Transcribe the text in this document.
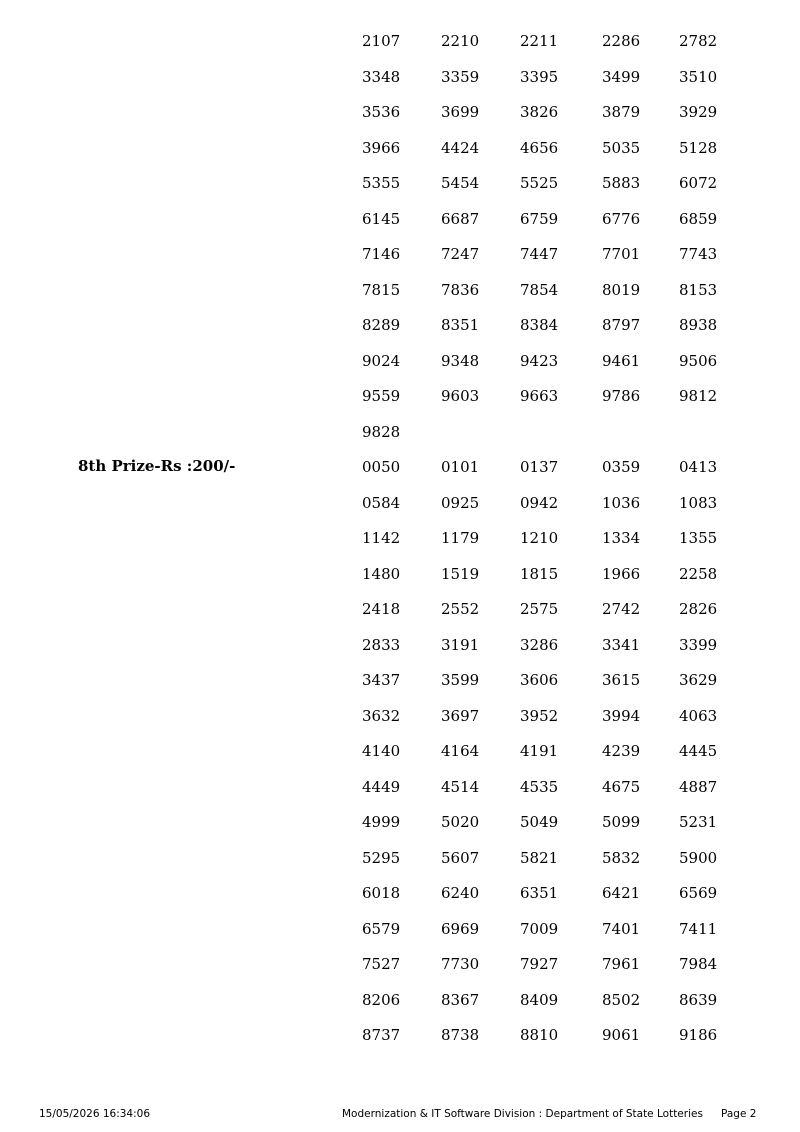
8th Prize-Rs :200/-
2107	2210	2211	2286	2782
3348	3359	3395	3499	3510
3536	3699	3826	3879	3929
3966	4424	4656	5035	5128
5355	5454	5525	5883	6072
6145	6687	6759	6776	6859
7146	7247	7447	7701	7743
7815	7836	7854	8019	8153
8289	8351	8384	8797	8938
9024	9348	9423	9461	9506
9559	9603	9663	9786	9812
9828
0050	0101	0137	0359	0413
0584	0925	0942	1036	1083
1142	1179	1210	1334	1355
1480	1519	1815	1966	2258
2418	2552	2575	2742	2826
2833	3191	3286	3341	3399
3437	3599	3606	3615	3629
3632	3697	3952	3994	4063
4140	4164	4191	4239	4445
4449	4514	4535	4675	4887
4999	5020	5049	5099	5231
5295	5607	5821	5832	5900
6018	6240	6351	6421	6569
6579	6969	7009	7401	7411
7527	7730	7927	7961	7984
8206	8367	8409	8502	8639
8737	8738	8810	9061	9186
15/05/2026 16:34:06	Modernization & IT Software Division : Department of State Lotteries Page 2
